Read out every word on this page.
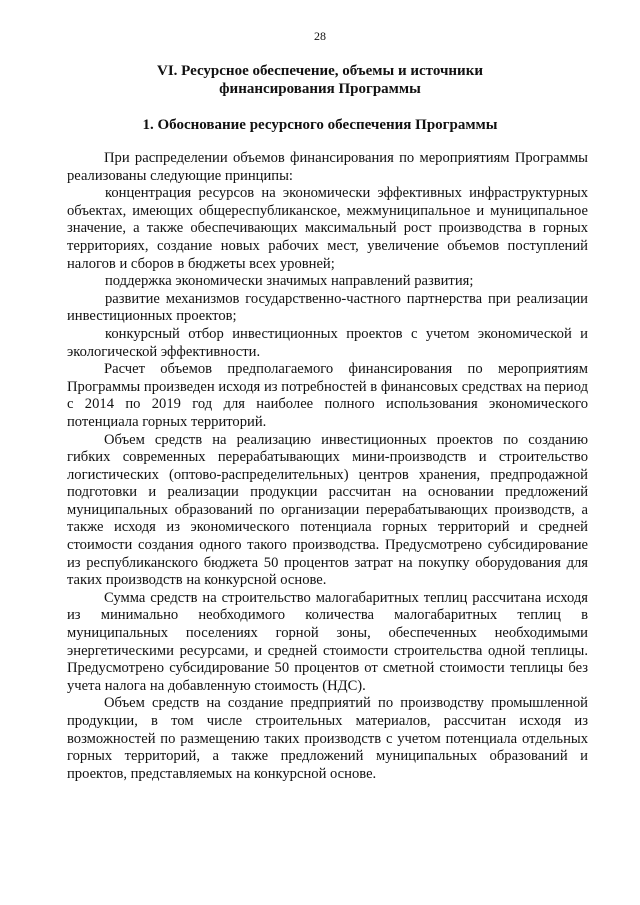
28
VI. Ресурсное обеспечение, объемы и источники финансирования Программы
1. Обоснование ресурсного обеспечения Программы

При распределении объемов финансирования по мероприятиям Программы реализованы следующие принципы:

концентрация ресурсов на экономически эффективных инфраструктурных объектах, имеющих общереспубликанское, межмуниципальное и муниципальное значение, а также обеспечивающих максимальный рост производства в горных территориях, создание новых рабочих мест, увеличение объемов поступлений налогов и сборов в бюджеты всех уровней;

поддержка экономически значимых направлений развития;

развитие механизмов государственно-частного партнерства при реализации инвестиционных проектов;

конкурсный отбор инвестиционных проектов с учетом экономической и экологической эффективности.

Расчет объемов предполагаемого финансирования по мероприятиям Программы произведен исходя из потребностей в финансовых средствах на период с 2014 по 2019 год для наиболее полного использования экономического потенциала горных территорий.

Объем средств на реализацию инвестиционных проектов по созданию гибких современных перерабатывающих мини-производств и строительство логистических (оптово-распределительных) центров хранения, предпродажной подготовки и реализации продукции рассчитан на основании предложений муниципальных образований по организации перерабатывающих производств, а также исходя из экономического потенциала горных территорий и средней стоимости создания одного такого производства. Предусмотрено субсидирование из республиканского бюджета 50 процентов затрат на покупку оборудования для таких производств на конкурсной основе.

Сумма средств на строительство малогабаритных теплиц рассчитана исходя из минимально необходимого количества малогабаритных теплиц в муниципальных поселениях горной зоны, обеспеченных необходимыми энергетическими ресурсами, и средней стоимости строительства одной теплицы. Предусмотрено субсидирование 50 процентов от сметной стоимости теплицы без учета налога на добавленную стоимость (НДС).

Объем средств на создание предприятий по производству промышленной продукции, в том числе строительных материалов, рассчитан исходя из возможностей по размещению таких производств с учетом потенциала отдельных горных территорий, а также предложений муниципальных образований и проектов, представляемых на конкурсной основе.
